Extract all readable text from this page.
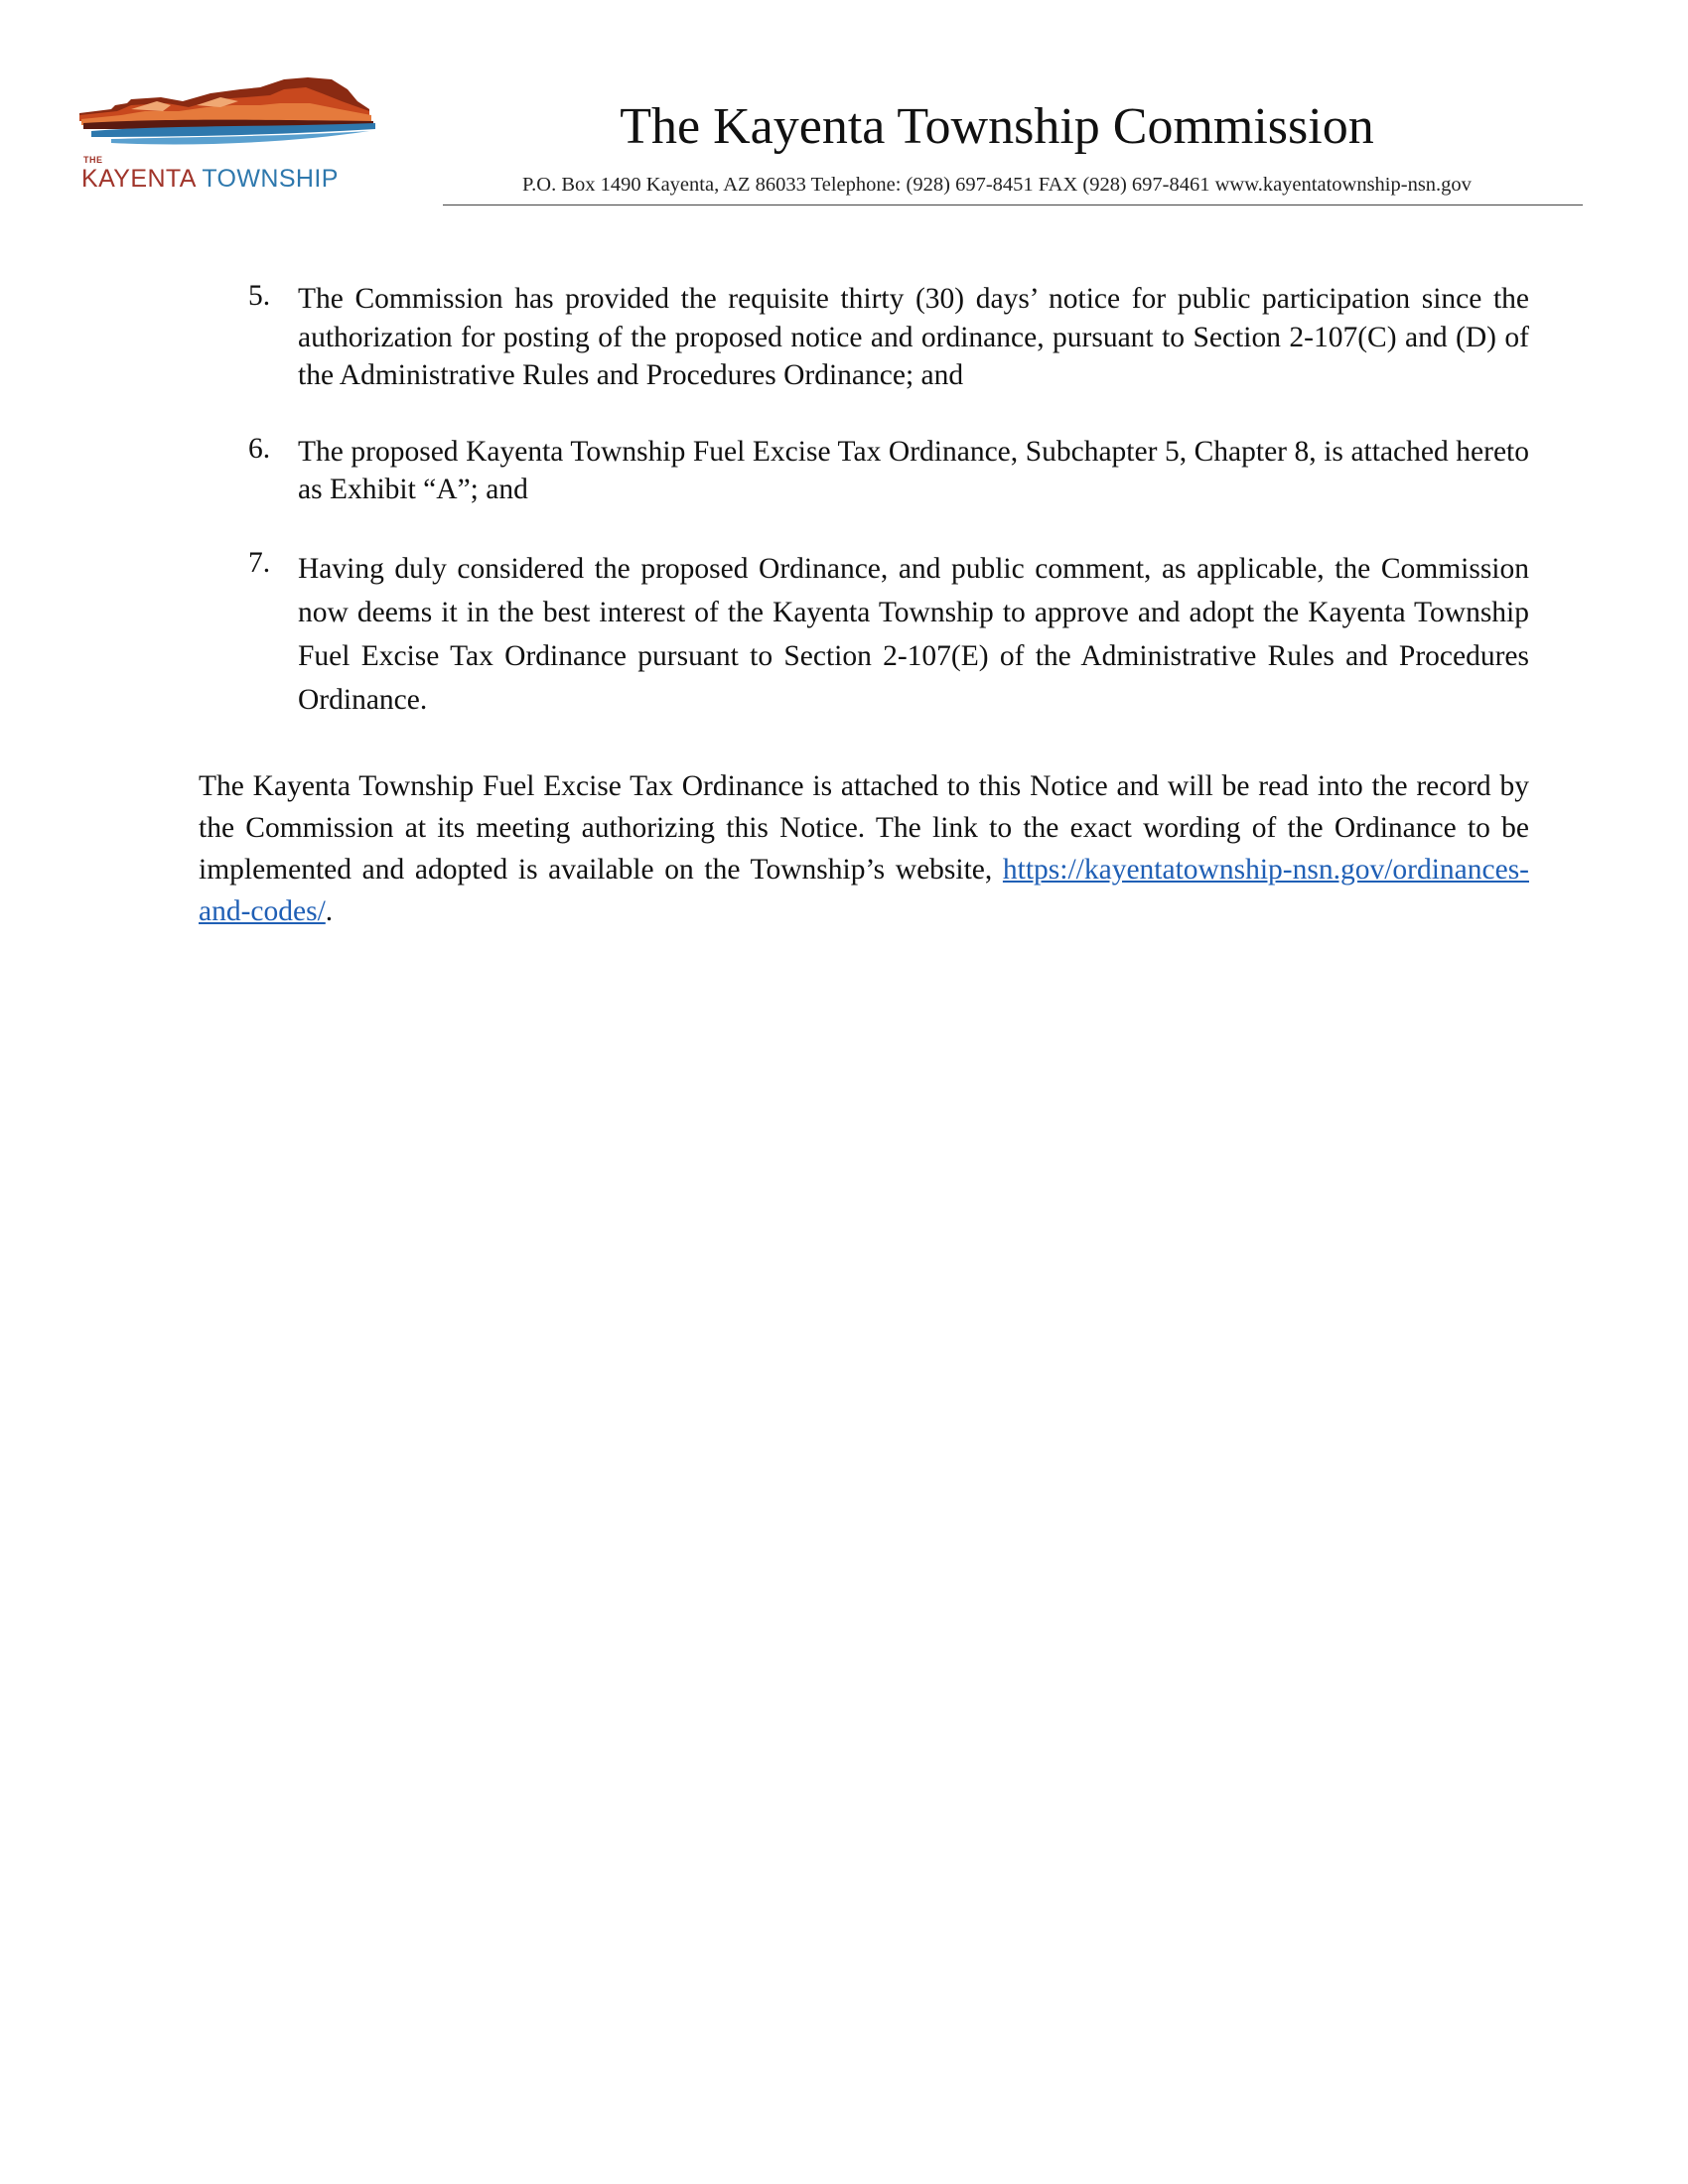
THE
KAYENTA TOWNSHIP
The Kayenta Township Commission
P.O. Box 1490 Kayenta, AZ 86033 Telephone: (928) 697-8451 FAX (928) 697-8461 www.kayentatownship-nsn.gov
5. The Commission has provided the requisite thirty (30) days’ notice for public participation since the authorization for posting of the proposed notice and ordinance, pursuant to Section 2-107(C) and (D) of the Administrative Rules and Procedures Ordinance; and
6. The proposed Kayenta Township Fuel Excise Tax Ordinance, Subchapter 5, Chapter 8, is attached hereto as Exhibit “A”; and
7. Having duly considered the proposed Ordinance, and public comment, as applicable, the Commission now deems it in the best interest of the Kayenta Township to approve and adopt the Kayenta Township Fuel Excise Tax Ordinance pursuant to Section 2-107(E) of the Administrative Rules and Procedures Ordinance.

The Kayenta Township Fuel Excise Tax Ordinance is attached to this Notice and will be read into the record by the Commission at its meeting authorizing this Notice. The link to the exact wording of the Ordinance to be implemented and adopted is available on the Township’s website, https://kayentatownship-nsn.gov/ordinances-and-codes/.
